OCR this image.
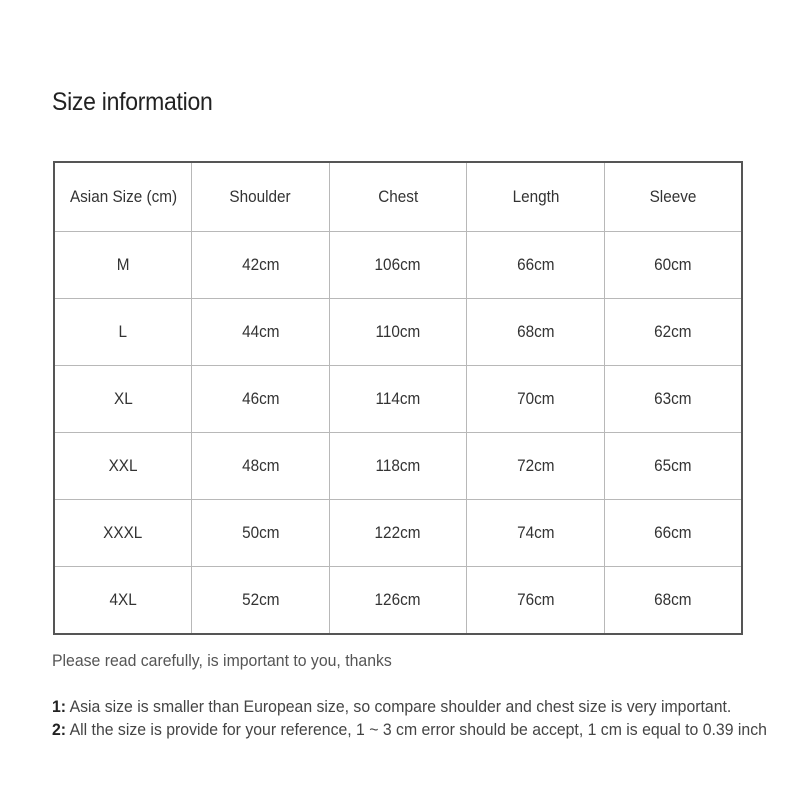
Size information
Asian Size (cm)	Shoulder	Chest	Length	Sleeve
M	42cm	106cm	66cm	60cm
L	44cm	110cm	68cm	62cm
XL	46cm	114cm	70cm	63cm
XXL	48cm	118cm	72cm	65cm
XXXL	50cm	122cm	74cm	66cm
4XL	52cm	126cm	76cm	68cm
Please read carefully, is important to you, thanks
1: Asia size is smaller than European size, so compare shoulder and chest size is very important.
2: All the size is provide for your reference, 1 ~ 3 cm error should be accept, 1 cm is equal to 0.39 inch
